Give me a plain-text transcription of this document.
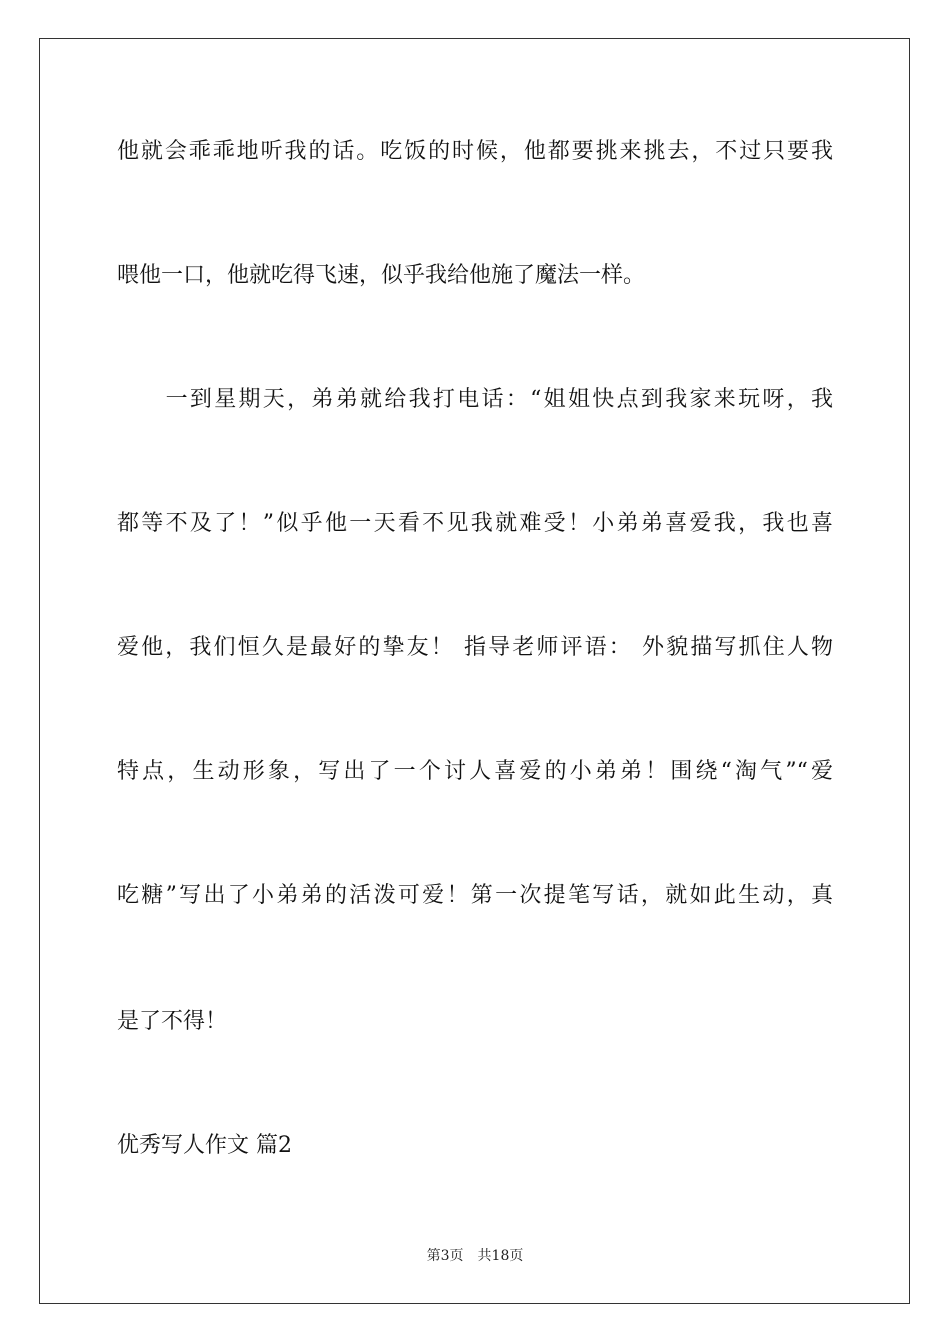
他就会乖乖地听我的话。吃饭的时候，他都要挑来挑去，不过只要我
喂他一口，他就吃得飞速，似乎我给他施了魔法一样。
　　一到星期天，弟弟就给我打电话：“姐姐快点到我家来玩呀，我
都等不及了！”似乎他一天看不见我就难受！小弟弟喜爱我，我也喜
爱他，我们恒久是最好的挚友！ 指导老师评语： 外貌描写抓住人物
特点，生动形象，写出了一个讨人喜爱的小弟弟！围绕“淘气”“爱
吃糖”写出了小弟弟的活泼可爱！第一次提笔写话，就如此生动，真
是了不得！
优秀写人作文 篇2
第3页　共18页
